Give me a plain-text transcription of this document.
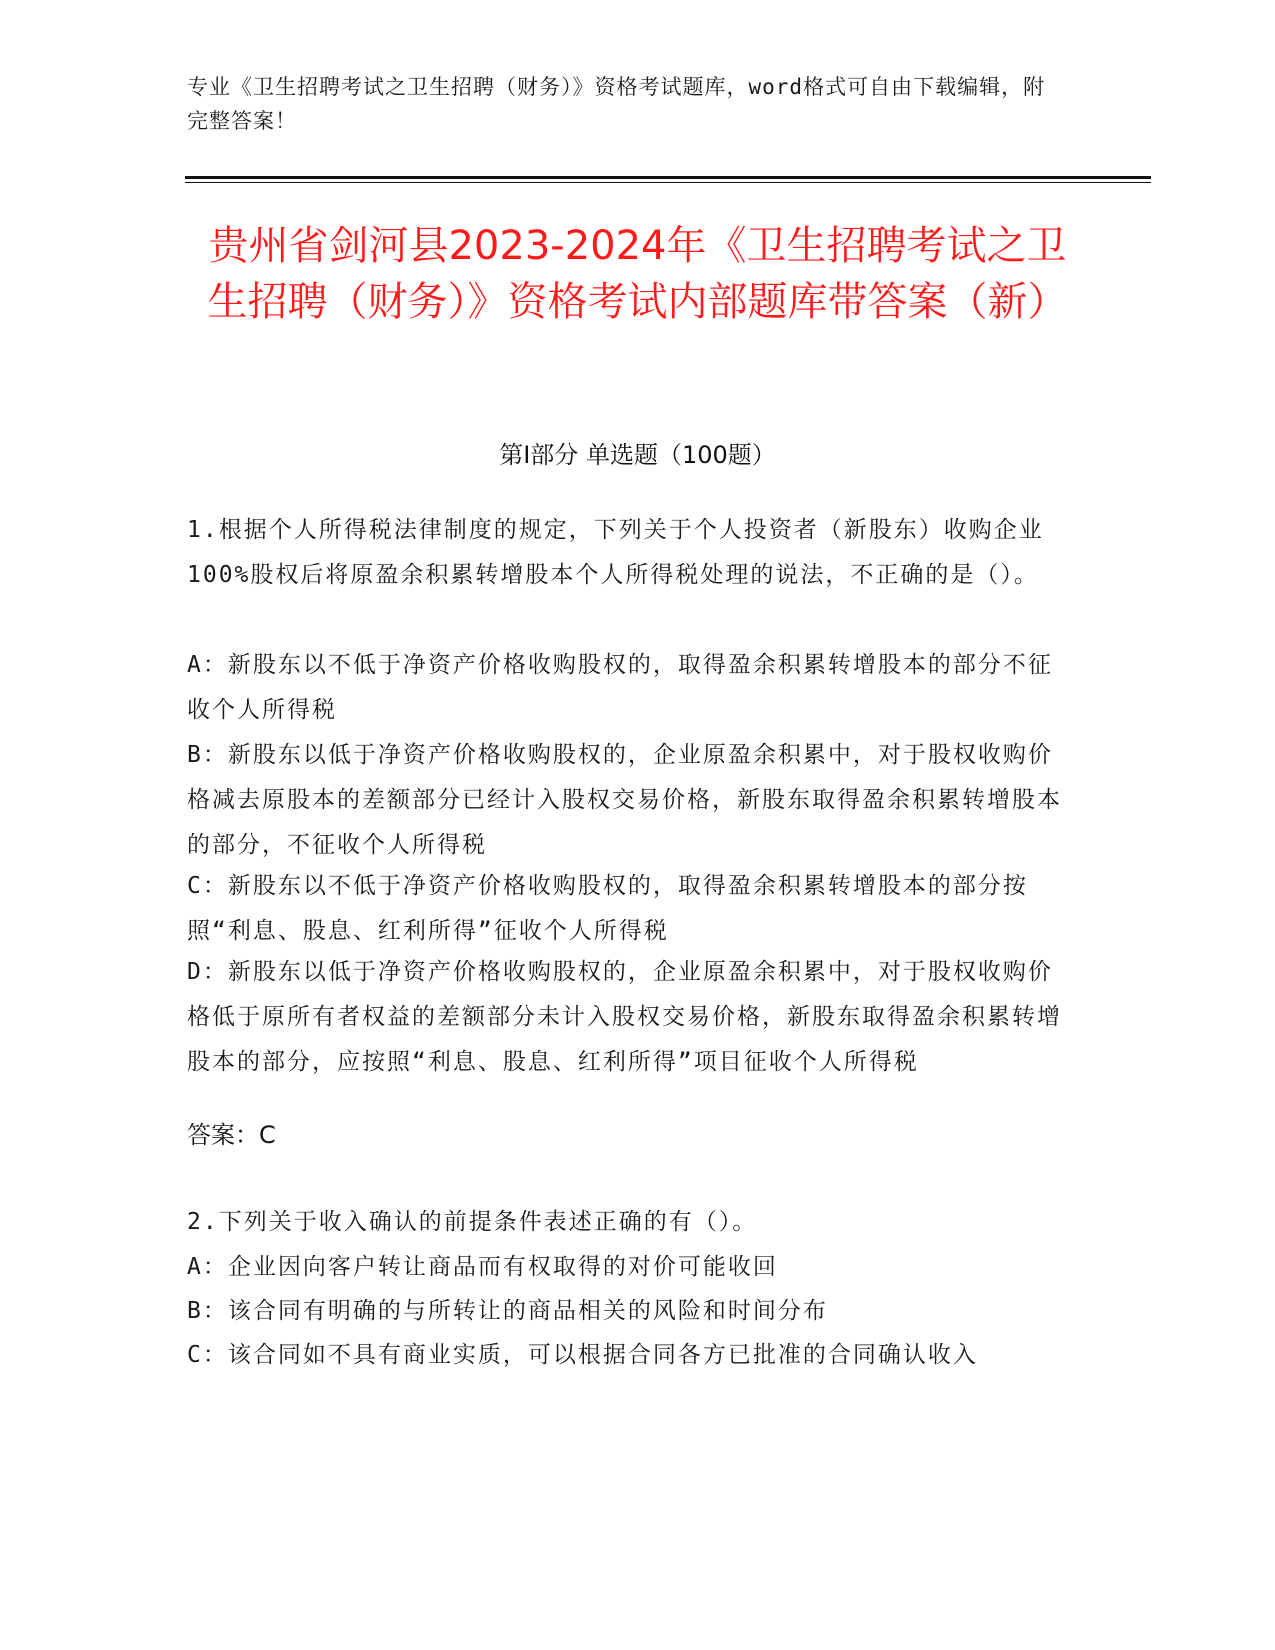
专业《卫生招聘考试之卫生招聘（财务）》资格考试题库，word格式可自由下载编辑，附完整答案！
贵州省剑河县2023-2024年《卫生招聘考试之卫生招聘（财务）》资格考试内部题库带答案（新）
第I部分 单选题（100题）

1.根据个人所得税法律制度的规定，下列关于个人投资者（新股东）收购企业100%股权后将原盈余积累转增股本个人所得税处理的说法，不正确的是（）。

A：新股东以不低于净资产价格收购股权的，取得盈余积累转增股本的部分不征收个人所得税

B：新股东以低于净资产价格收购股权的，企业原盈余积累中，对于股权收购价格减去原股本的差额部分已经计入股权交易价格，新股东取得盈余积累转增股本的部分，不征收个人所得税

C：新股东以不低于净资产价格收购股权的，取得盈余积累转增股本的部分按照“利息、股息、红利所得”征收个人所得税

D：新股东以低于净资产价格收购股权的，企业原盈余积累中，对于股权收购价格低于原所有者权益的差额部分未计入股权交易价格，新股东取得盈余积累转增股本的部分，应按照“利息、股息、红利所得”项目征收个人所得税

答案：C

2.下列关于收入确认的前提条件表述正确的有（）。

A：企业因向客户转让商品而有权取得的对价可能收回

B：该合同有明确的与所转让的商品相关的风险和时间分布

C：该合同如不具有商业实质，可以根据合同各方已批准的合同确认收入
